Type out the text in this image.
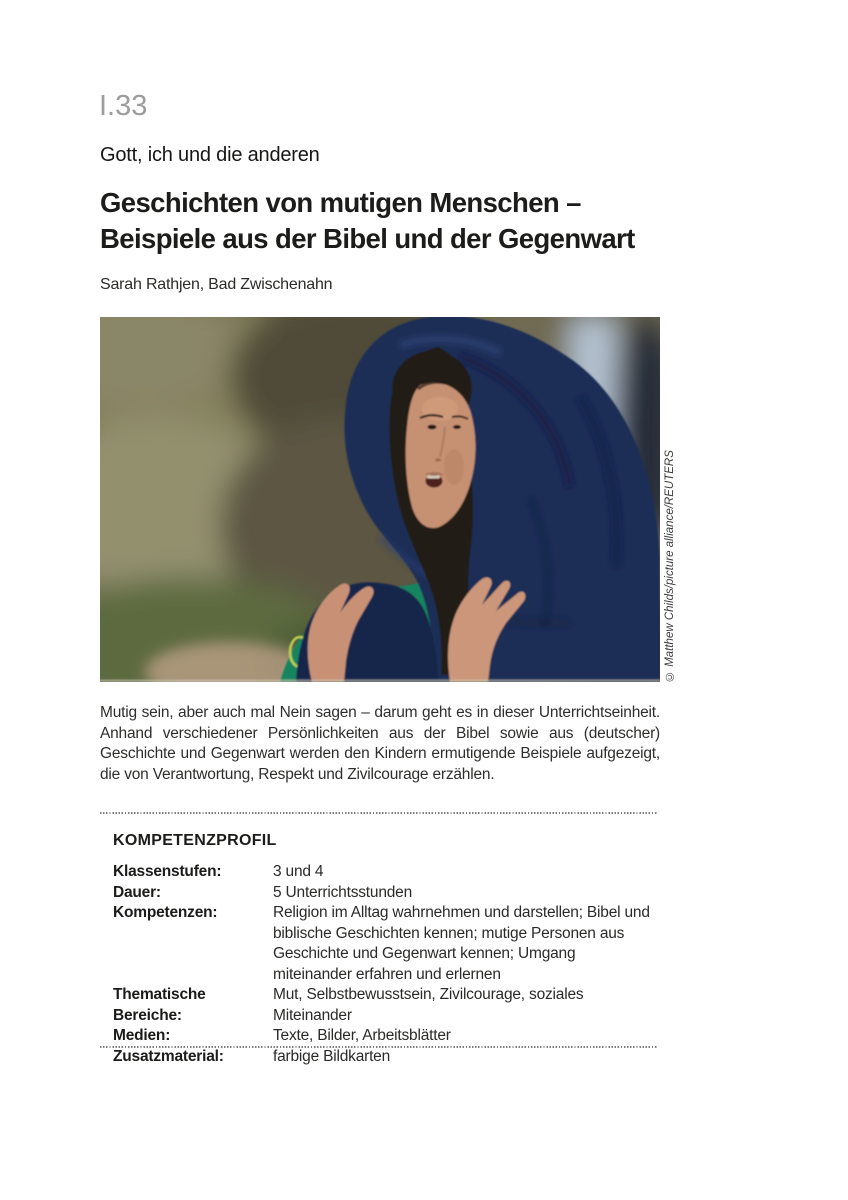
I.33
Gott, ich und die anderen
Geschichten von mutigen Menschen –
Beispiele aus der Bibel und der Gegenwart
Sarah Rathjen, Bad Zwischenahn
© Matthew Childs/picture alliance/REUTERS

Mutig sein, aber auch mal Nein sagen – darum geht es in dieser Unterrichtseinheit. Anhand verschiedener Persönlichkeiten aus der Bibel sowie aus (deutscher) Geschichte und Gegenwart werden den Kindern ermutigende Beispiele aufgezeigt, die von Verantwortung, Respekt und Zivilcourage erzählen.

KOMPETENZPROFIL
Klassenstufen:	3 und 4
Dauer:	5 Unterrichtsstunden
Kompetenzen:	Religion im Alltag wahrnehmen und darstellen; Bibel und biblische Geschichten kennen; mutige Personen aus Geschichte und Gegenwart kennen; Umgang miteinander erfahren und erlernen
Thematische Bereiche:
Mut, Selbstbewusstsein, Zivilcourage, soziales Miteinander
Medien:	Texte, Bilder, Arbeitsblätter
Zusatzmaterial:	farbige Bildkarten
